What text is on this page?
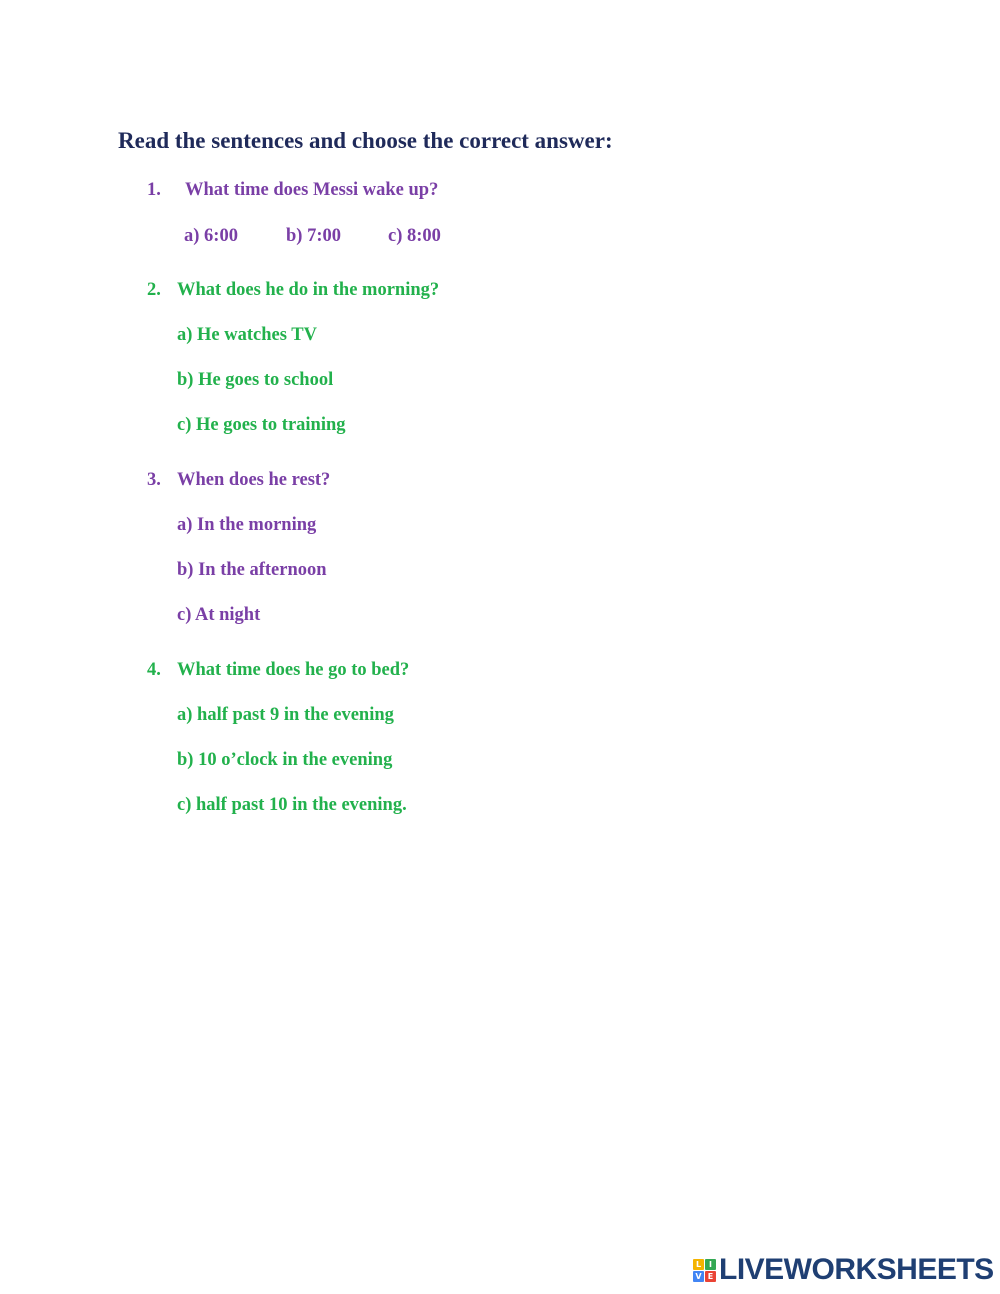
Read the sentences and choose the correct answer:
1. What time does Messi wake up?
a) 6:00	b) 7:00	c) 8:00
2. What does he do in the morning?
a) He watches TV
b) He goes to school
c) He goes to training
3. When does he rest?
a) In the morning
b) In the afternoon
c) At night
4. What time does he go to bed?
a) half past 9 in the evening
b) 10 o’clock in the evening
c) half past 10 in the evening.
L I
V E LIVEWORKSHEETS
